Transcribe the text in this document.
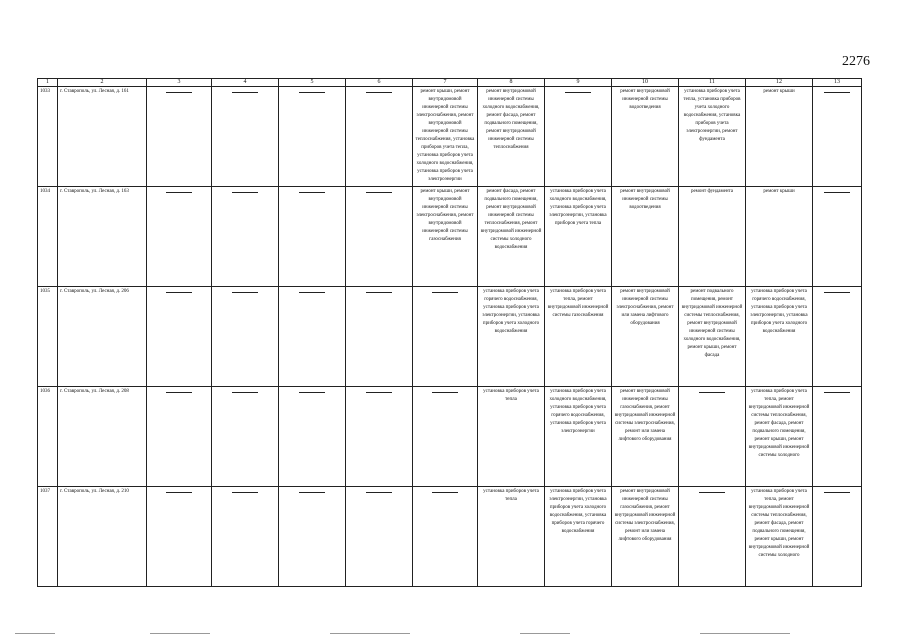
2276
1	2	3	4	5	6	7	8	9	10	11	12	13
1033	г. Ставрополь, ул. Лесная, д. 161					ремонт крыши, ремонт внутридомовой инженерной системы электроснабжения, ремонт внутридомовой инженерной системы теплоснабжения, установка приборов учета тепла, установка приборов учета холодного водоснабжения, установка приборов учета электроэнергии	ремонт внутридомовой инженерной системы холодного водоснабжения, ремонт фасада, ремонт подвального помещения, ремонт внутридомовой инженерной системы теплоснабжения		ремонт внутридомовой инженерной системы водоотведения	установка приборов учета тепла, установка приборов учета холодного водоснабжения, установка приборов учета электроэнергии, ремонт фундамента	ремонт крыши	
1034	г. Ставрополь, ул. Лесная, д. 163					ремонт крыши, ремонт внутридомовой инженерной системы электроснабжения, ремонт внутридомовой инженерной системы газоснабжения	ремонт фасада, ремонт подвального помещения, ремонт внутридомовой инженерной системы теплоснабжения, ремонт внутридомовой инженерной системы холодного водоснабжения	установка приборов учета холодного водоснабжения, установка приборов учета электроэнергии, установка приборов учета тепла	ремонт внутридомовой инженерной системы водоотведения	ремонт фундамента	ремонт крыши	
1035	г. Ставрополь, ул. Лесная, д. 206						установка приборов учета горячего водоснабжения, установка приборов учета электроэнергии, установка приборов учета холодного водоснабжения	установка приборов учета тепла, ремонт внутридомовой инженерной системы газоснабжения	ремонт внутридомовой инженерной системы электроснабжения, ремонт или замена лифтового оборудования	ремонт подвального помещения, ремонт внутридомовой инженерной системы теплоснабжения, ремонт внутридомовой инженерной системы холодного водоснабжения, ремонт крыши, ремонт фасада	установка приборов учета горячего водоснабжения, установка приборов учета электроэнергии, установка приборов учета холодного водоснабжения	
1036	г. Ставрополь, ул. Лесная, д. 208						установка приборов учета тепла	установка приборов учета холодного водоснабжения, установка приборов учета горячего водоснабжения, установка приборов учета электроэнергии	ремонт внутридомовой инженерной системы газоснабжения, ремонт внутридомовой инженерной системы электроснабжения, ремонт или замена лифтового оборудования		установка приборов учета тепла, ремонт внутридомовой инженерной системы теплоснабжения, ремонт фасада, ремонт подвального помещения, ремонт крыши, ремонт внутридомовой инженерной системы холодного	
1037	г. Ставрополь, ул. Лесная, д. 210						установка приборов учета тепла	установка приборов учета электроэнергии, установка приборов учета холодного водоснабжения, установка приборов учета горячего водоснабжения	ремонт внутридомовой инженерной системы газоснабжения, ремонт внутридомовой инженерной системы электроснабжения, ремонт или замена лифтового оборудования		установка приборов учета тепла, ремонт внутридомовой инженерной системы теплоснабжения, ремонт фасада, ремонт подвального помещения, ремонт крыши, ремонт внутридомовой инженерной системы холодного	
